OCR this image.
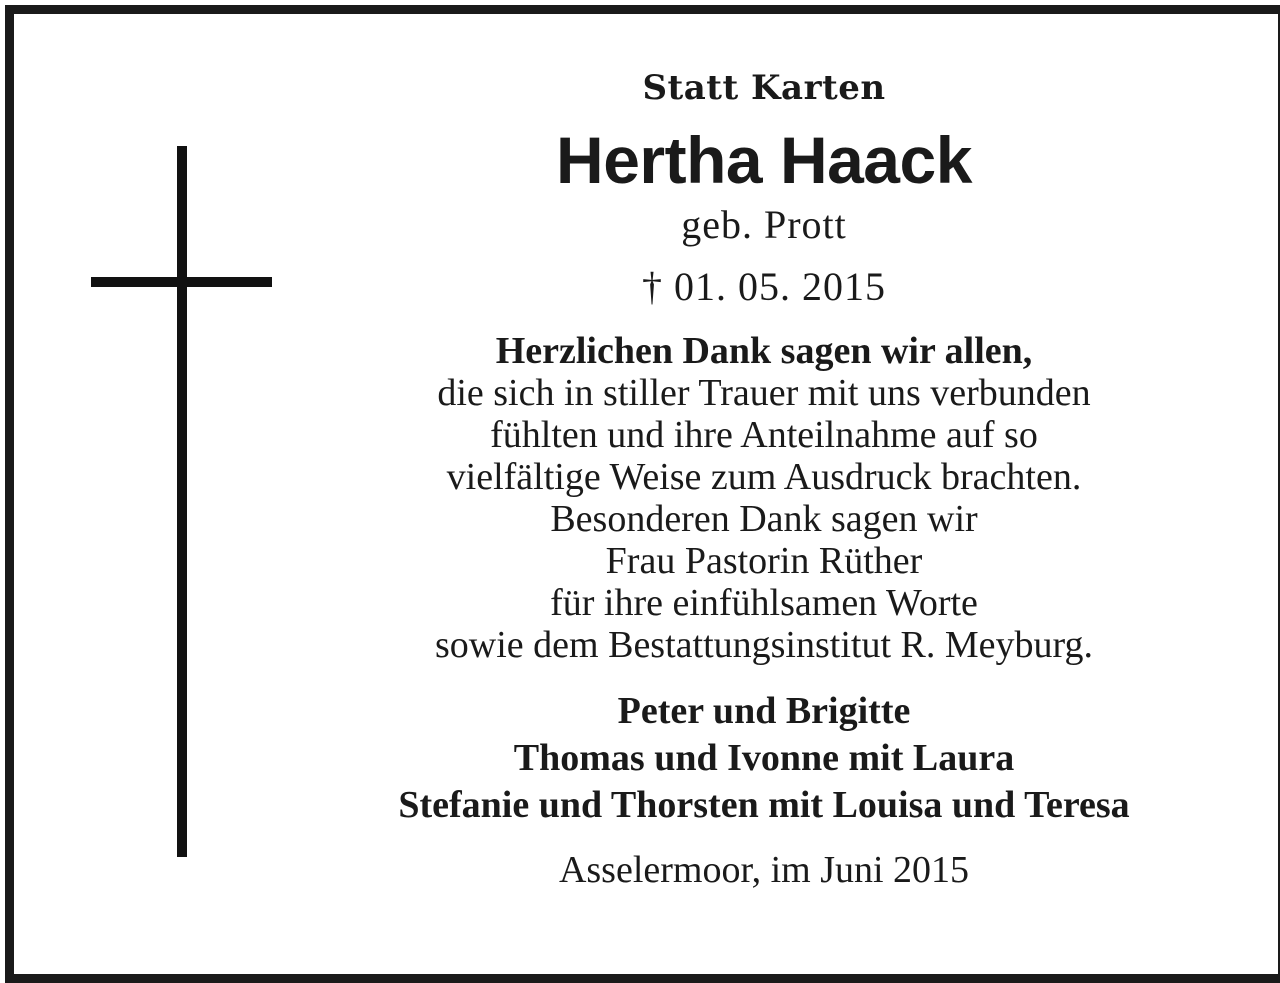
Statt Karten
Hertha Haack
geb. Prott
† 01. 05. 2015
Herzlichen Dank sagen wir allen,
die sich in stiller Trauer mit uns verbunden
fühlten und ihre Anteilnahme auf so
vielfältige Weise zum Ausdruck brachten.
Besonderen Dank sagen wir
Frau Pastorin Rüther
für ihre einfühlsamen Worte
sowie dem Bestattungsinstitut R. Meyburg.
Peter und Brigitte
Thomas und Ivonne mit Laura
Stefanie und Thorsten mit Louisa und Teresa
Asselermoor, im Juni 2015
